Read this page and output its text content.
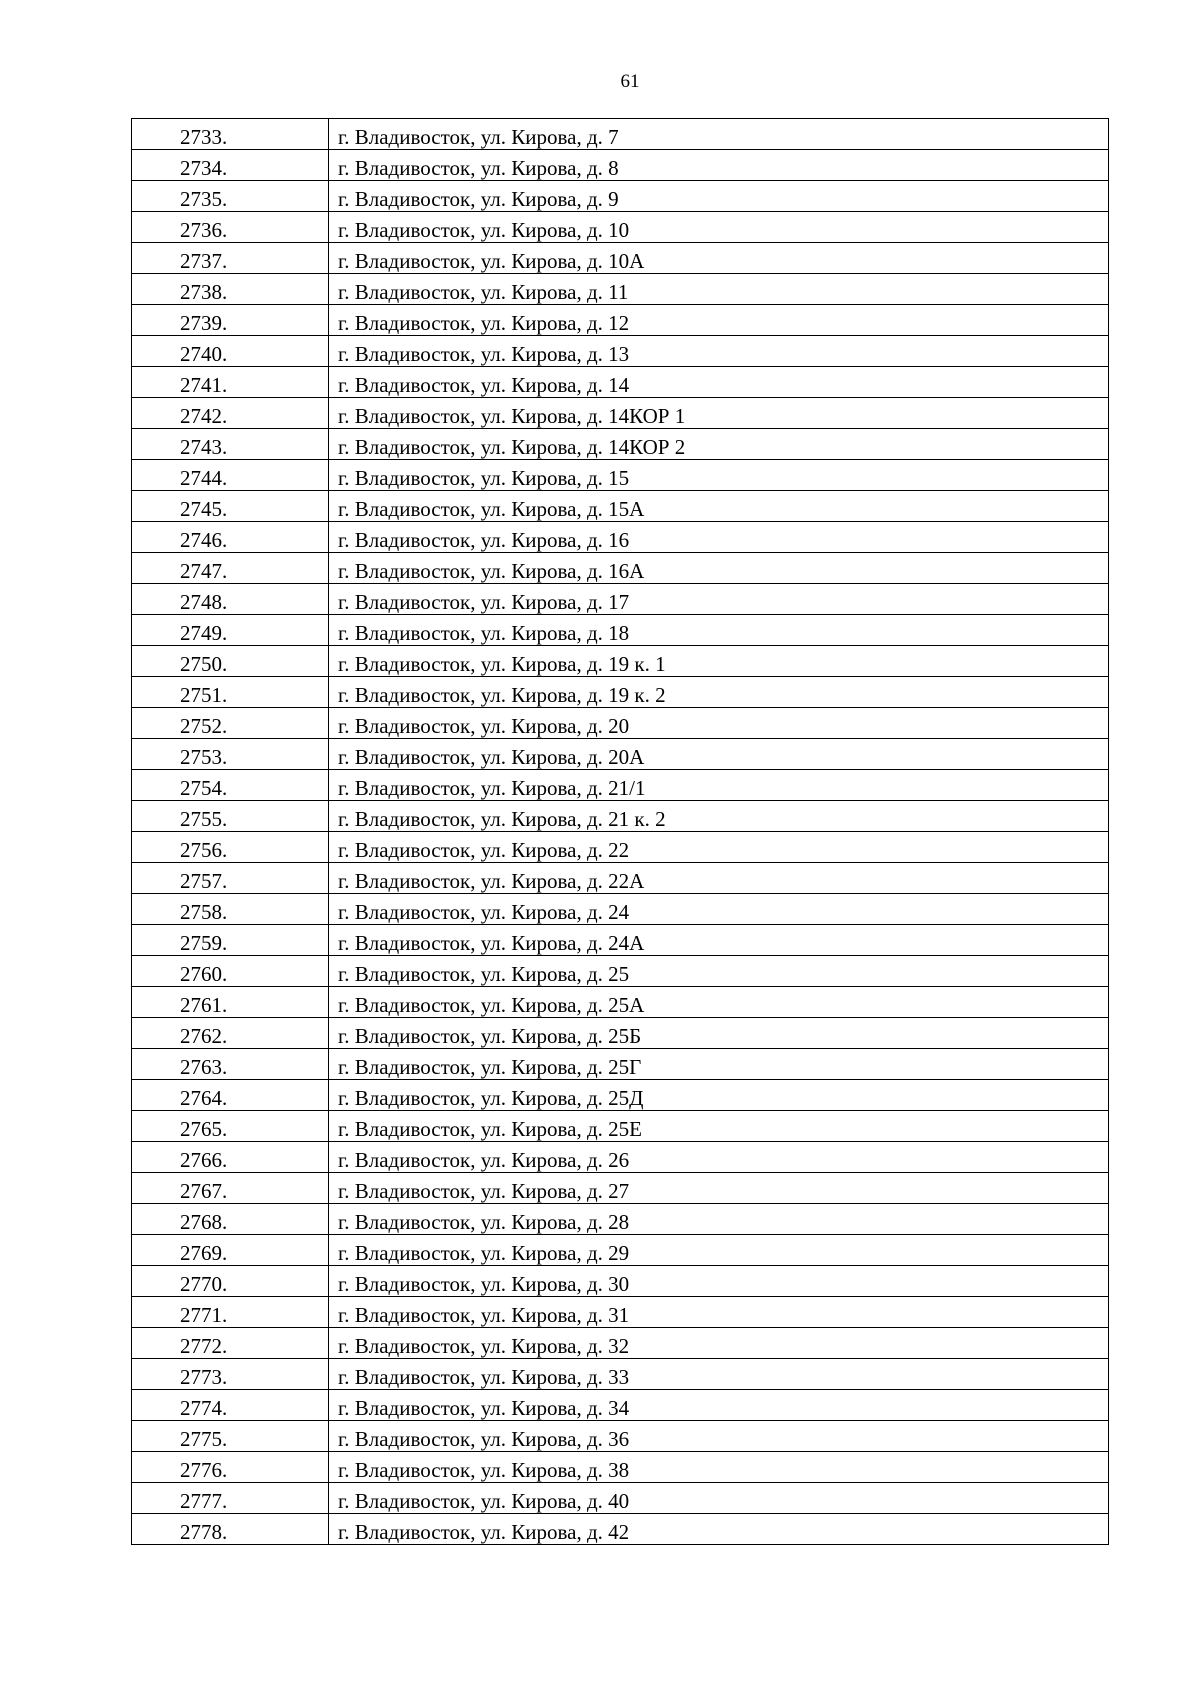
61
2733.	г. Владивосток, ул. Кирова, д. 7
2734.	г. Владивосток, ул. Кирова, д. 8
2735.	г. Владивосток, ул. Кирова, д. 9
2736.	г. Владивосток, ул. Кирова, д. 10
2737.	г. Владивосток, ул. Кирова, д. 10А
2738.	г. Владивосток, ул. Кирова, д. 11
2739.	г. Владивосток, ул. Кирова, д. 12
2740.	г. Владивосток, ул. Кирова, д. 13
2741.	г. Владивосток, ул. Кирова, д. 14
2742.	г. Владивосток, ул. Кирова, д. 14КОР 1
2743.	г. Владивосток, ул. Кирова, д. 14КОР 2
2744.	г. Владивосток, ул. Кирова, д. 15
2745.	г. Владивосток, ул. Кирова, д. 15А
2746.	г. Владивосток, ул. Кирова, д. 16
2747.	г. Владивосток, ул. Кирова, д. 16А
2748.	г. Владивосток, ул. Кирова, д. 17
2749.	г. Владивосток, ул. Кирова, д. 18
2750.	г. Владивосток, ул. Кирова, д. 19 к. 1
2751.	г. Владивосток, ул. Кирова, д. 19 к. 2
2752.	г. Владивосток, ул. Кирова, д. 20
2753.	г. Владивосток, ул. Кирова, д. 20А
2754.	г. Владивосток, ул. Кирова, д. 21/1
2755.	г. Владивосток, ул. Кирова, д. 21 к. 2
2756.	г. Владивосток, ул. Кирова, д. 22
2757.	г. Владивосток, ул. Кирова, д. 22А
2758.	г. Владивосток, ул. Кирова, д. 24
2759.	г. Владивосток, ул. Кирова, д. 24А
2760.	г. Владивосток, ул. Кирова, д. 25
2761.	г. Владивосток, ул. Кирова, д. 25А
2762.	г. Владивосток, ул. Кирова, д. 25Б
2763.	г. Владивосток, ул. Кирова, д. 25Г
2764.	г. Владивосток, ул. Кирова, д. 25Д
2765.	г. Владивосток, ул. Кирова, д. 25Е
2766.	г. Владивосток, ул. Кирова, д. 26
2767.	г. Владивосток, ул. Кирова, д. 27
2768.	г. Владивосток, ул. Кирова, д. 28
2769.	г. Владивосток, ул. Кирова, д. 29
2770.	г. Владивосток, ул. Кирова, д. 30
2771.	г. Владивосток, ул. Кирова, д. 31
2772.	г. Владивосток, ул. Кирова, д. 32
2773.	г. Владивосток, ул. Кирова, д. 33
2774.	г. Владивосток, ул. Кирова, д. 34
2775.	г. Владивосток, ул. Кирова, д. 36
2776.	г. Владивосток, ул. Кирова, д. 38
2777.	г. Владивосток, ул. Кирова, д. 40
2778.	г. Владивосток, ул. Кирова, д. 42
